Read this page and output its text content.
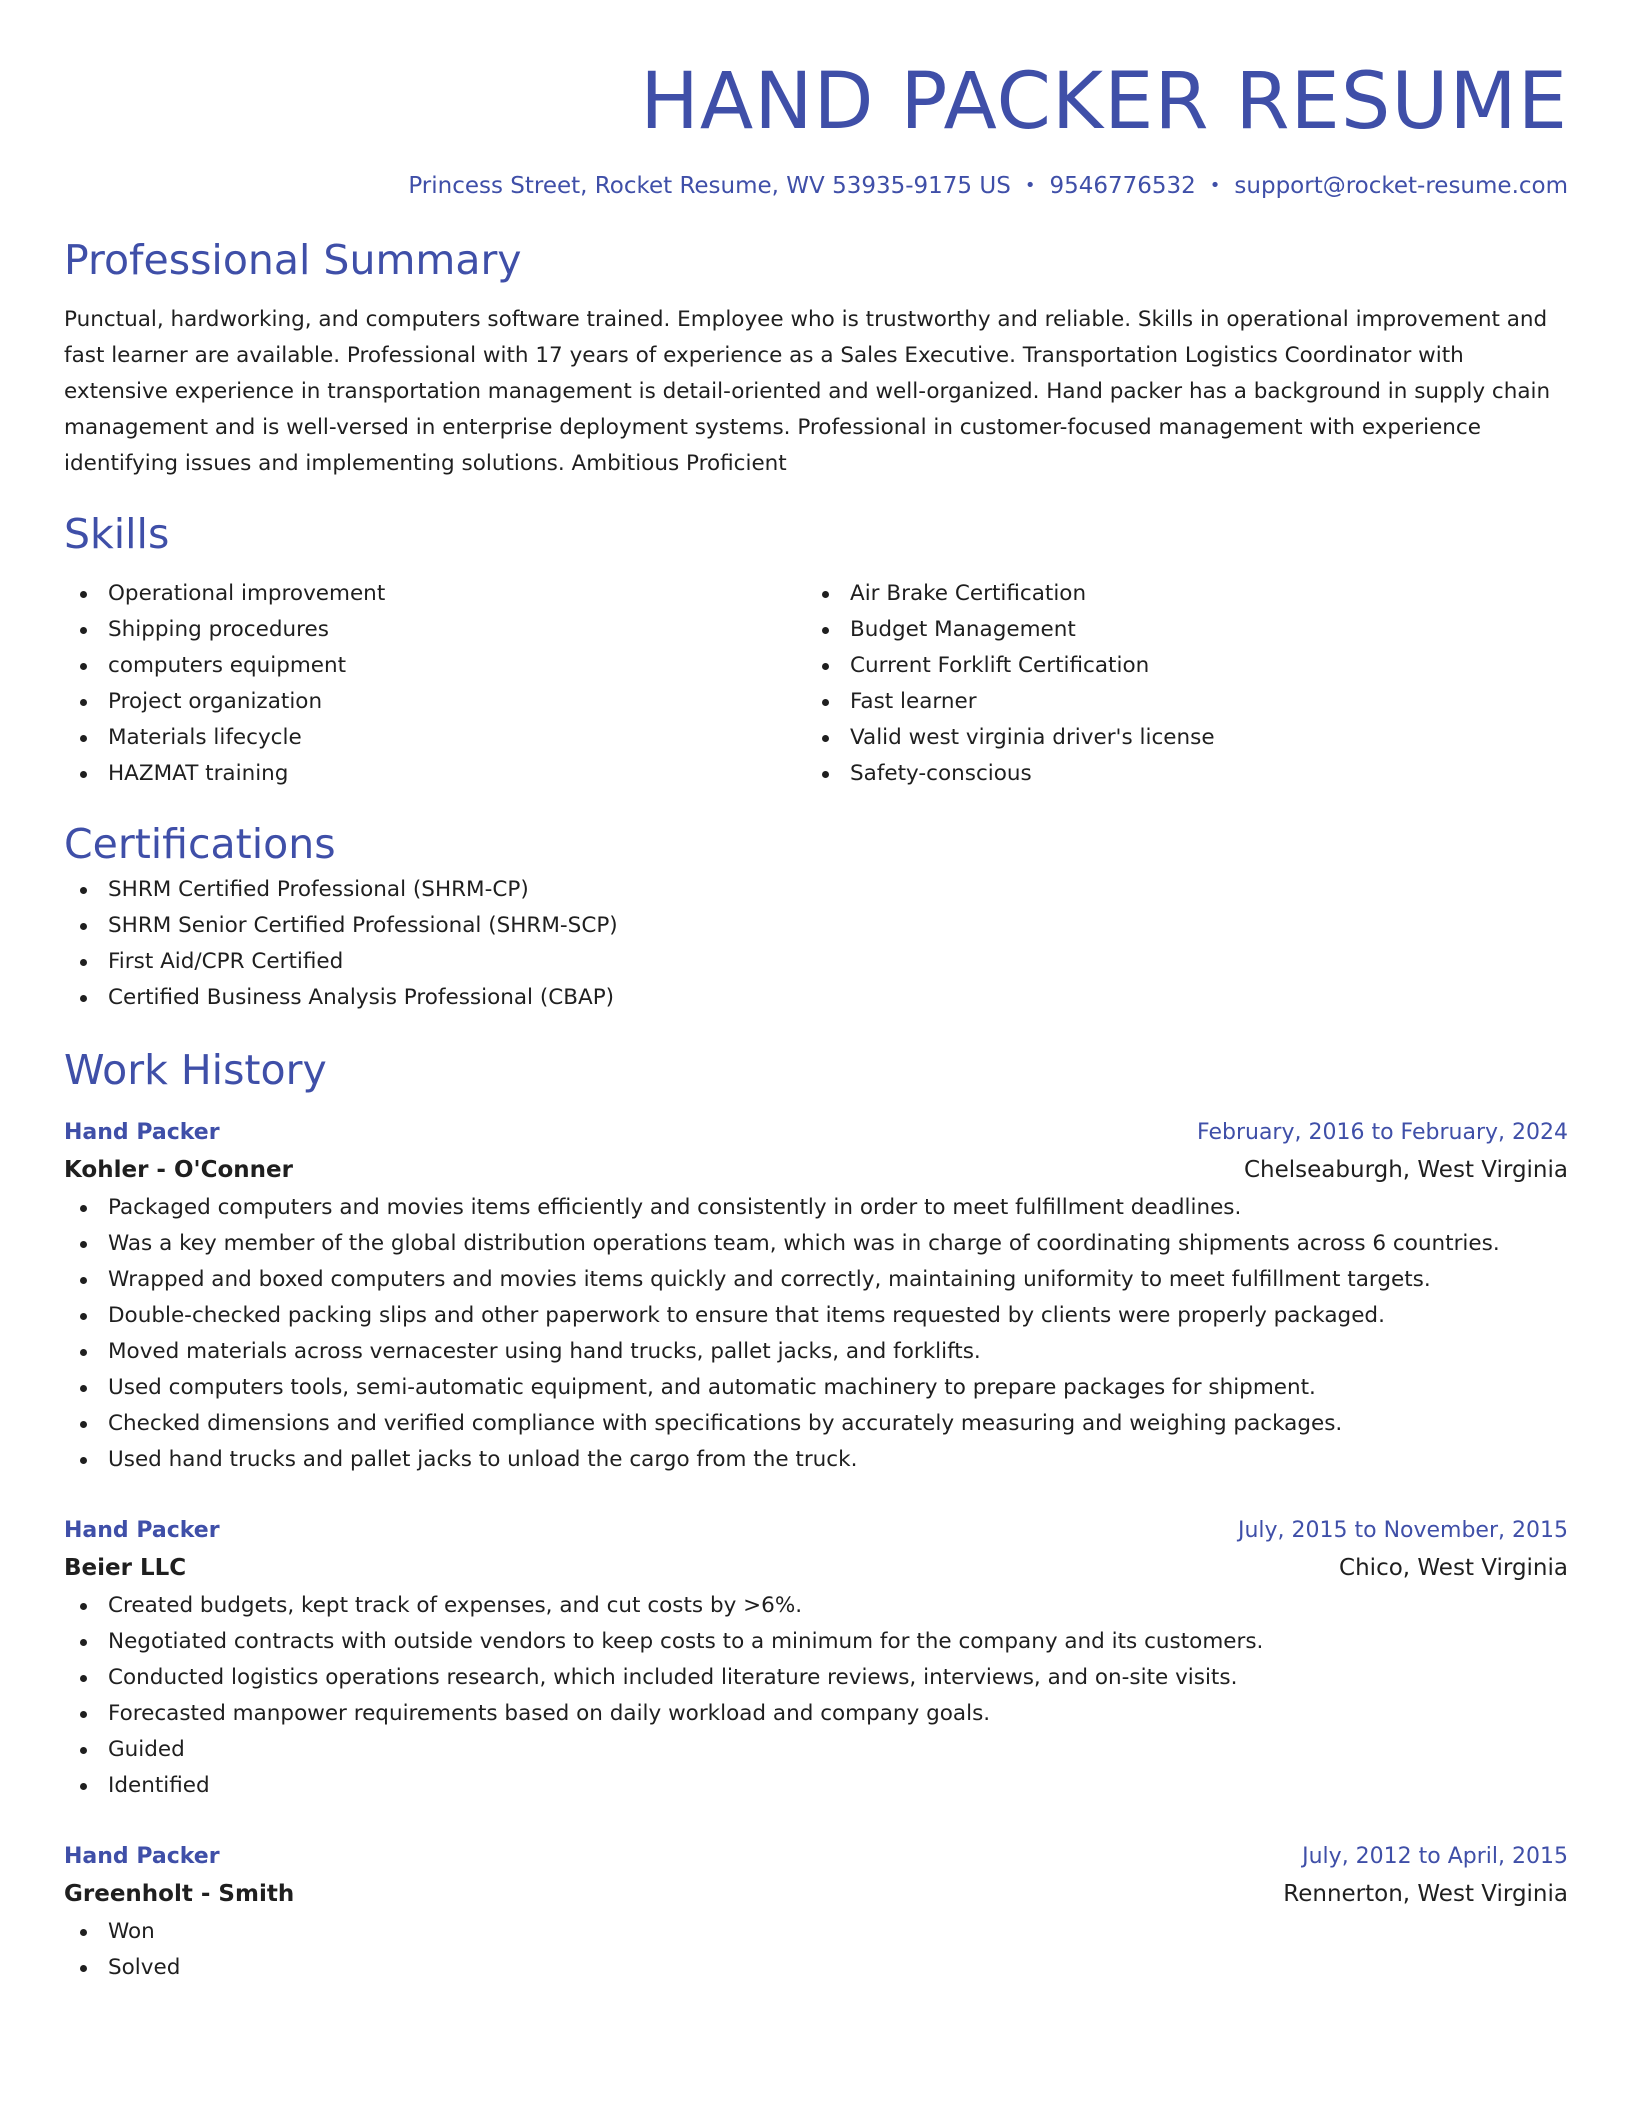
HAND PACKER RESUME
Princess Street, Rocket Resume, WV 53935-9175 US • 9546776532 • support@rocket-resume.com
Professional Summary

Punctual, hardworking, and computers software trained. Employee who is trustworthy and reliable. Skills in operational improvement and fast learner are available. Professional with 17 years of experience as a Sales Executive. Transportation Logistics Coordinator with extensive experience in transportation management is detail-oriented and well-organized. Hand packer has a background in supply chain management and is well-versed in enterprise deployment systems. Professional in customer-focused management with experience identifying issues and implementing solutions. Ambitious Proficient

Skills
Operational improvement
Shipping procedures
computers equipment
Project organization
Materials lifecycle
HAZMAT training
Air Brake Certification
Budget Management
Current Forklift Certification
Fast learner
Valid west virginia driver's license
Safety-conscious
Certifications
SHRM Certified Professional (SHRM-CP)
SHRM Senior Certified Professional (SHRM-SCP)
First Aid/CPR Certified
Certified Business Analysis Professional (CBAP)
Work History
Hand Packer	February, 2016 to February, 2024
Kohler - O'Conner	Chelseaburgh, West Virginia
Packaged computers and movies items efficiently and consistently in order to meet fulfillment deadlines.
Was a key member of the global distribution operations team, which was in charge of coordinating shipments across 6 countries.
Wrapped and boxed computers and movies items quickly and correctly, maintaining uniformity to meet fulfillment targets.
Double-checked packing slips and other paperwork to ensure that items requested by clients were properly packaged.
Moved materials across vernacester using hand trucks, pallet jacks, and forklifts.
Used computers tools, semi-automatic equipment, and automatic machinery to prepare packages for shipment.
Checked dimensions and verified compliance with specifications by accurately measuring and weighing packages.
Used hand trucks and pallet jacks to unload the cargo from the truck.
Hand Packer	July, 2015 to November, 2015
Beier LLC	Chico, West Virginia
Created budgets, kept track of expenses, and cut costs by >6%.
Negotiated contracts with outside vendors to keep costs to a minimum for the company and its customers.
Conducted logistics operations research, which included literature reviews, interviews, and on-site visits.
Forecasted manpower requirements based on daily workload and company goals.
Guided
Identified
Hand Packer	July, 2012 to April, 2015
Greenholt - Smith	Rennerton, West Virginia
Won
Solved
